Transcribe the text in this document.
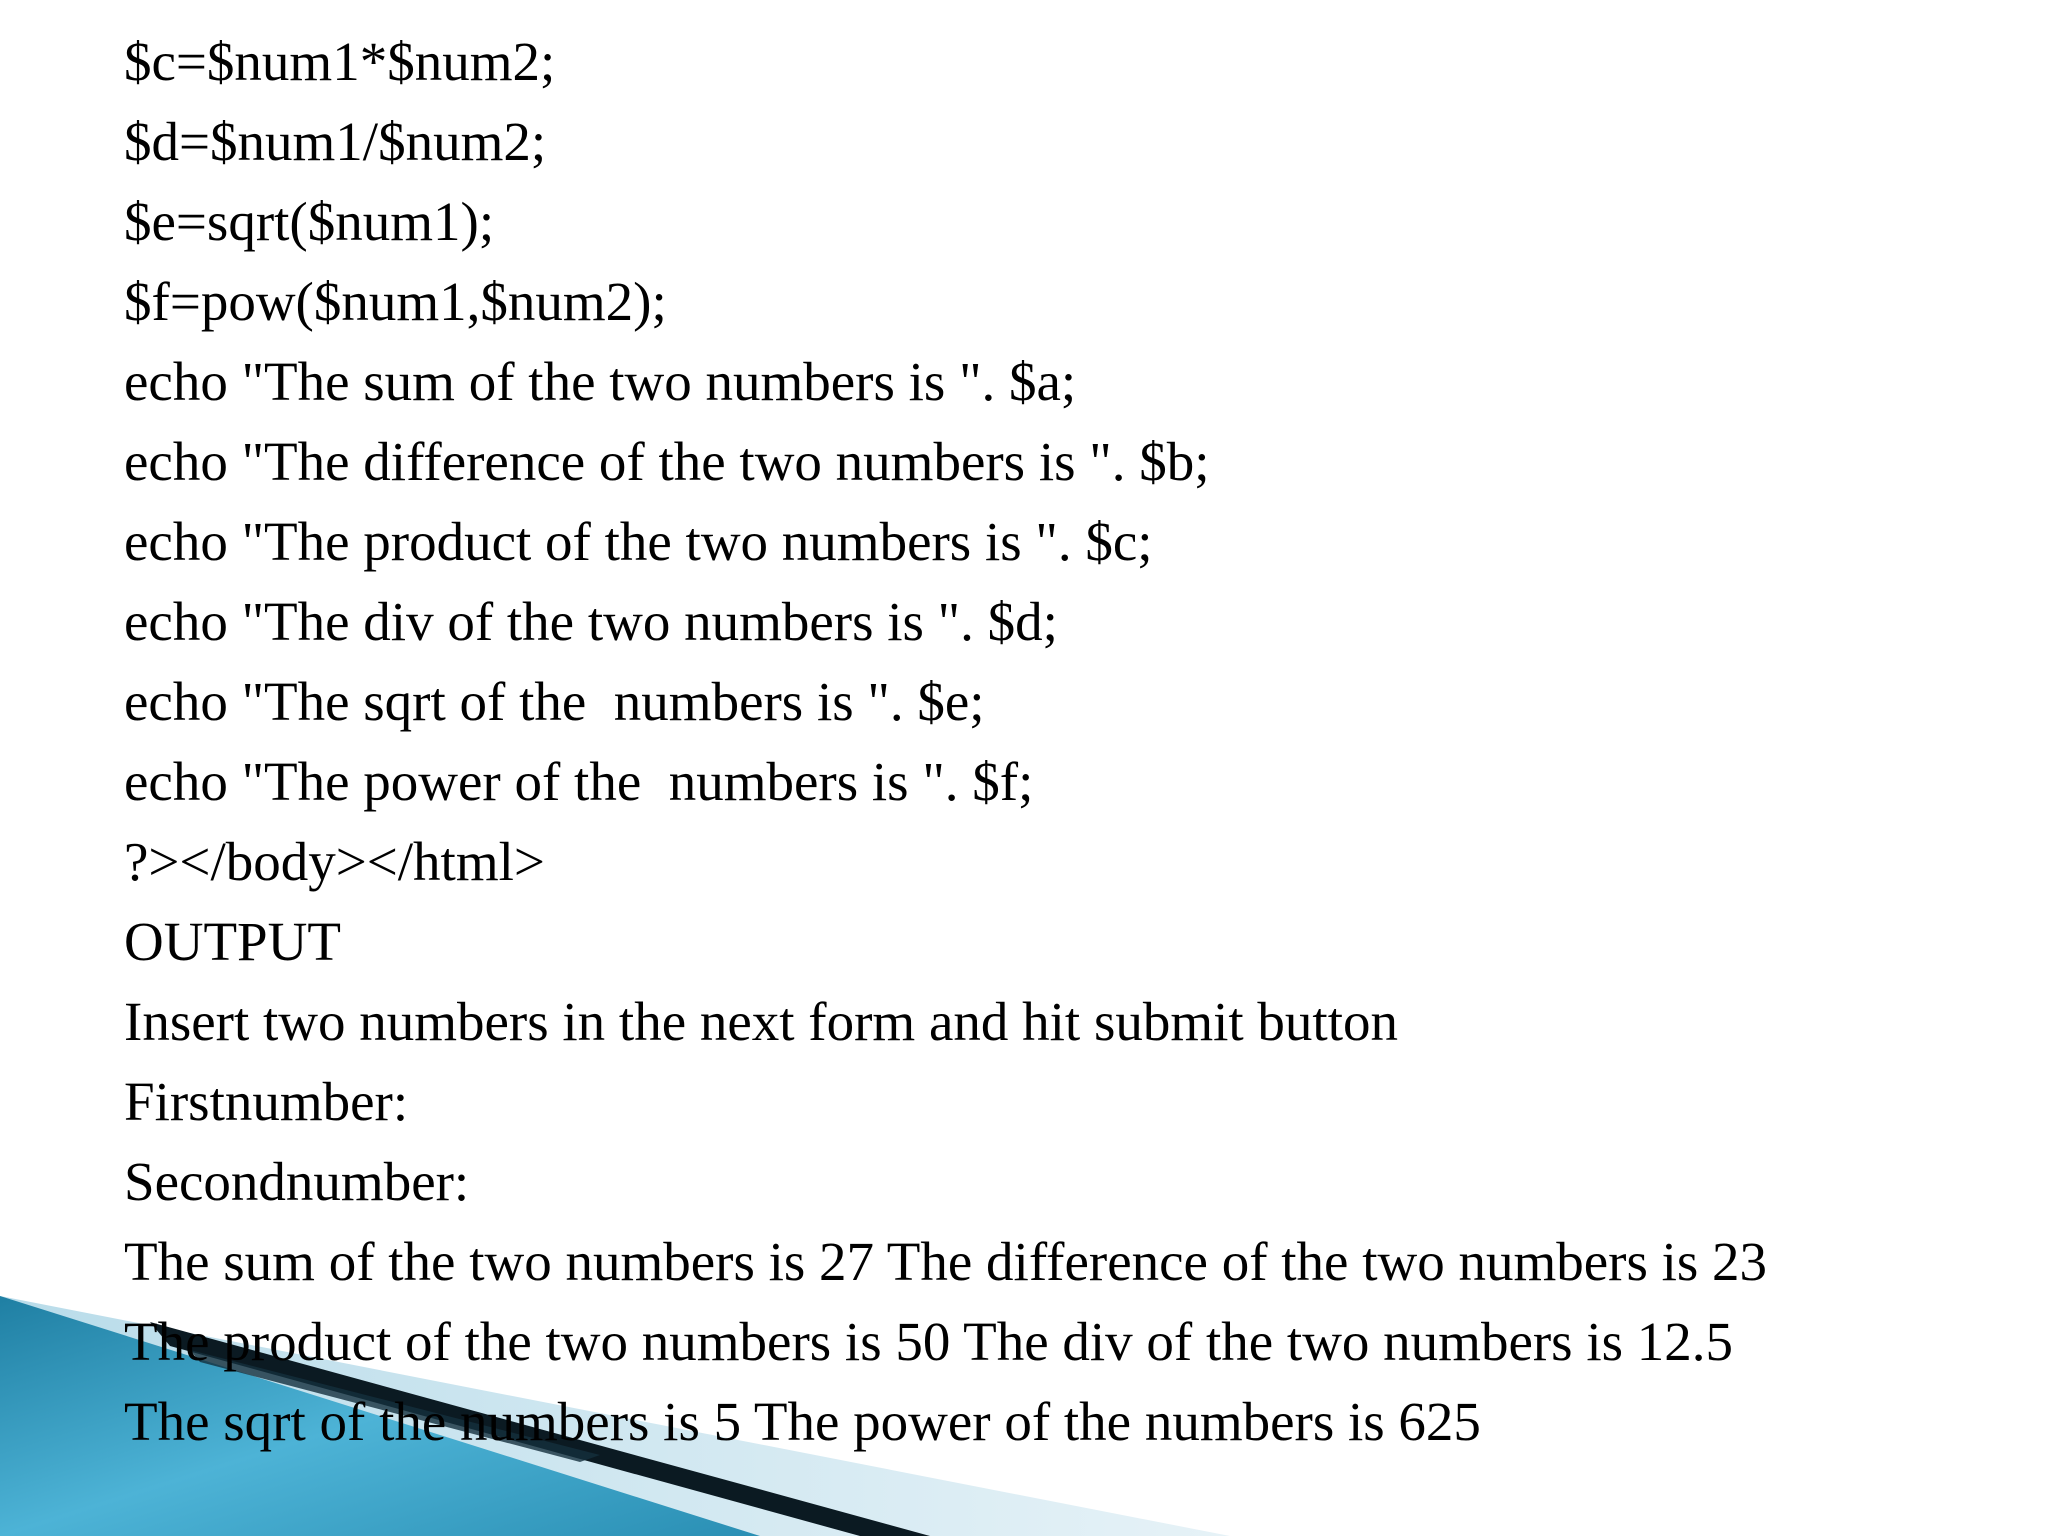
$c=$num1*$num2;

$d=$num1/$num2;

$e=sqrt($num1);

$f=pow($num1,$num2);

echo "The sum of the two numbers is ". $a;

echo "The difference of the two numbers is ". $b;

echo "The product of the two numbers is ". $c;

echo "The div of the two numbers is ". $d;

echo "The sqrt of the  numbers is ". $e;

echo "The power of the  numbers is ". $f;

?></body></html>

OUTPUT

Insert two numbers in the next form and hit submit button

Firstnumber:

Secondnumber:

The sum of the two numbers is 27 The difference of the two numbers is 23

The product of the two numbers is 50 The div of the two numbers is 12.5

The sqrt of the numbers is 5 The power of the numbers is 625
